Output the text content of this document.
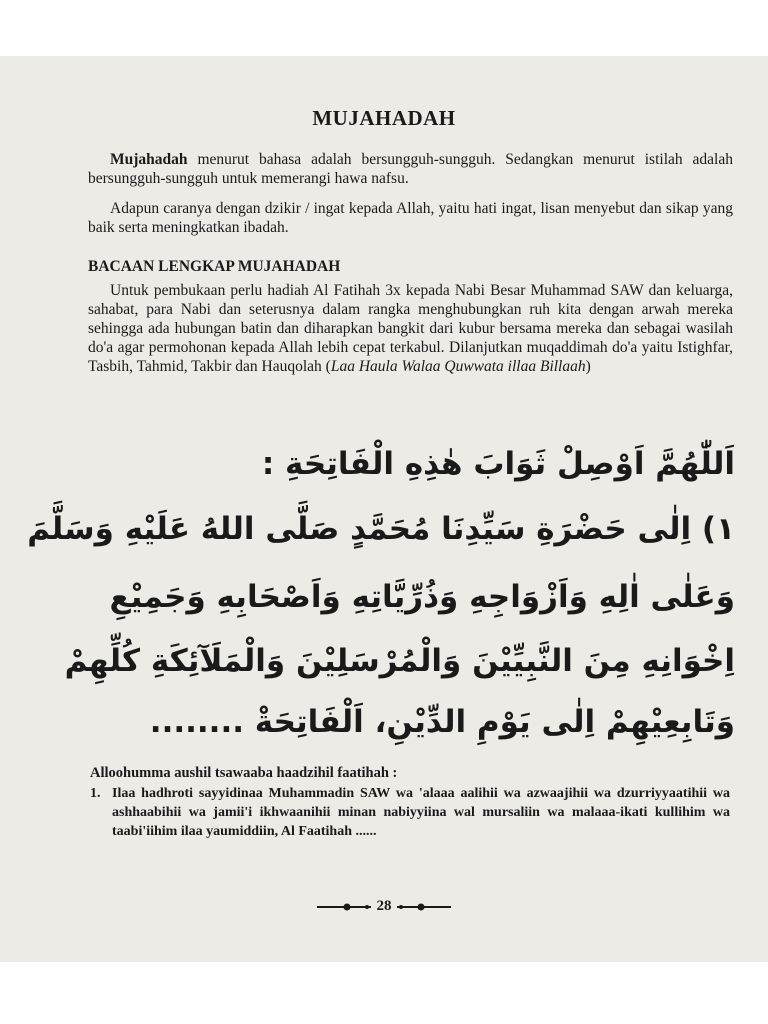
MUJAHADAH
Mujahadah menurut bahasa adalah bersungguh-sungguh. Sedangkan menurut istilah adalah bersungguh-sungguh untuk memerangi hawa nafsu.
Adapun caranya dengan dzikir / ingat kepada Allah, yaitu hati ingat, lisan menyebut dan sikap yang baik serta meningkatkan ibadah.
BACAAN LENGKAP MUJAHADAH
Untuk pembukaan perlu hadiah Al Fatihah 3x kepada Nabi Besar Muhammad SAW dan keluarga, sahabat, para Nabi dan seterusnya dalam rangka menghubungkan ruh kita dengan arwah mereka sehingga ada hubungan batin dan diharapkan bangkit dari kubur bersama mereka dan sebagai wasilah do'a agar permohonan kepada Allah lebih cepat terkabul. Dilanjutkan muqaddimah do'a yaitu Istighfar, Tasbih, Tahmid, Takbir dan Hauqolah (Laa Haula Walaa Quwwata illaa Billaah)
اَللّٰهُمَّ اَوْصِلْ ثَوَابَ هٰذِهِ الْفَاتِحَةِ :
١) اِلٰى حَضْرَةِ سَيِّدِنَا مُحَمَّدٍ صَلَّى اللهُ عَلَيْهِ وَسَلَّمَ
وَعَلٰى اٰلِهِ وَاَزْوَاجِهِ وَذُرِّيَّاتِهِ وَاَصْحَابِهِ وَجَمِيْعِ
اِخْوَانِهِ مِنَ النَّبِيِّيْنَ وَالْمُرْسَلِيْنَ وَالْمَلَآئِكَةِ كُلِّهِمْ
وَتَابِعِيْهِمْ اِلٰى يَوْمِ الدِّيْنِ، اَلْفَاتِحَةْ ........
Alloohumma aushil tsawaaba haadzihil faatihah :
1. Ilaa hadhroti sayyidinaa Muhammadin SAW wa 'alaaa aalihii wa azwaajihii wa dzurriyyaatihii wa ashhaabihii wa jamii'i ikhwaanihii minan nabiyyiina wal mursaliin wa malaaa-ikati kullihim wa taabi'iihim ilaa yaumiddiin, Al Faatihah ......
28
